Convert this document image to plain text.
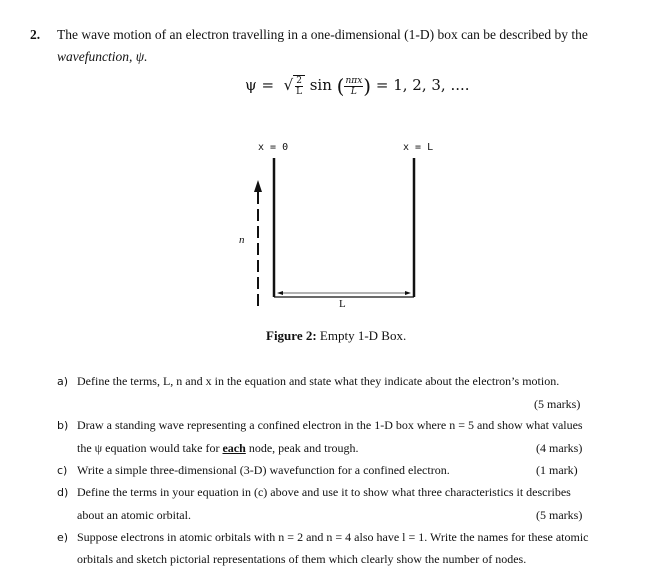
2. The wave motion of an electron travelling in a one-dimensional (1-D) box can be described by the
wavefunction, ψ.
ψ =  √ $\frac{2}{L}$ sin ( $\frac{\text{nπx}}{L}$ ) = 1, 2, 3, ....
x = 0	x = L
n
L
Figure 2: Empty 1-D Box.
a) Define the terms, L, n and x in the equation and state what they indicate about the electron’s motion.
(5 marks)
b) Draw a standing wave representing a confined electron in the 1-D box where n = 5 and show what values
the ψ equation would take for each node, peak and trough.	(4 marks)
c) Write a simple three-dimensional (3-D) wavefunction for a confined electron.	(1 mark)
d) Define the terms in your equation in (c) above and use it to show what three characteristics it describes
about an atomic orbital.	(5 marks)
e) Suppose electrons in atomic orbitals with n = 2 and n = 4 also have l = 1. Write the names for these atomic
orbitals and sketch pictorial representations of them which clearly show the number of nodes.
